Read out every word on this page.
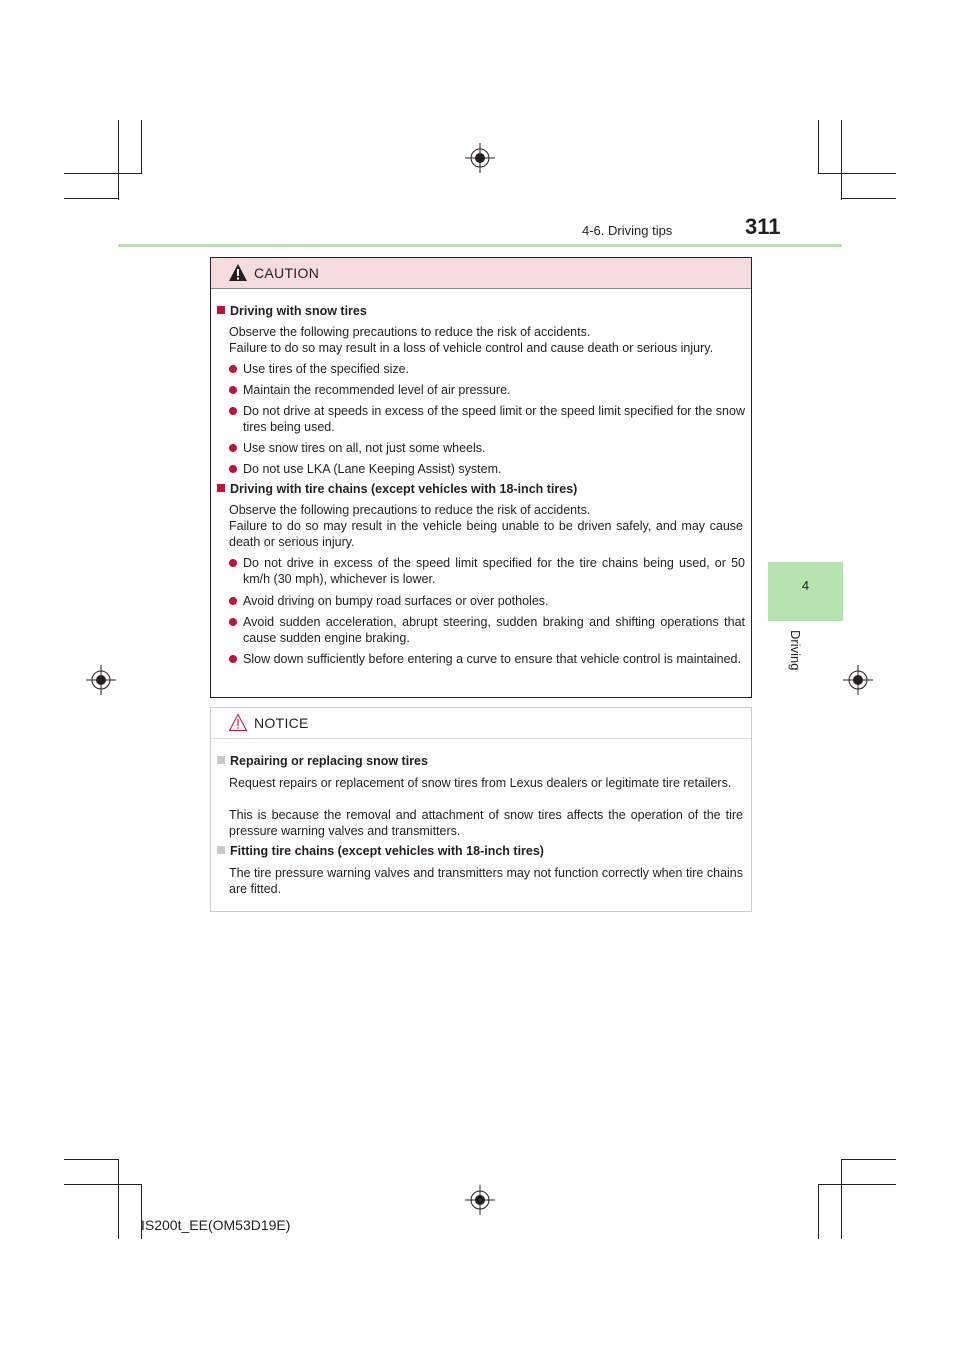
4-6. Driving tips	311
4
Driving
CAUTION
Driving with snow tires
Observe the following precautions to reduce the risk of accidents.
Failure to do so may result in a loss of vehicle control and cause death or serious injury.
Use tires of the specified size.
Maintain the recommended level of air pressure.
Do not drive at speeds in excess of the speed limit or the speed limit specified for the snow tires being used.
Use snow tires on all, not just some wheels.
Do not use LKA (Lane Keeping Assist) system.
Driving with tire chains (except vehicles with 18-inch tires)
Observe the following precautions to reduce the risk of accidents.
Failure to do so may result in the vehicle being unable to be driven safely, and may cause death or serious injury.
Do not drive in excess of the speed limit specified for the tire chains being used, or 50 km/h (30 mph), whichever is lower.
Avoid driving on bumpy road surfaces or over potholes.
Avoid sudden acceleration, abrupt steering, sudden braking and shifting operations that cause sudden engine braking.
Slow down sufficiently before entering a curve to ensure that vehicle control is maintained.
NOTICE
Repairing or replacing snow tires
Request repairs or replacement of snow tires from Lexus dealers or legitimate tire retailers.
This is because the removal and attachment of snow tires affects the operation of the tire pressure warning valves and transmitters.
Fitting tire chains (except vehicles with 18-inch tires)
The tire pressure warning valves and transmitters may not function correctly when tire chains are fitted.
IS200t_EE(OM53D19E)
